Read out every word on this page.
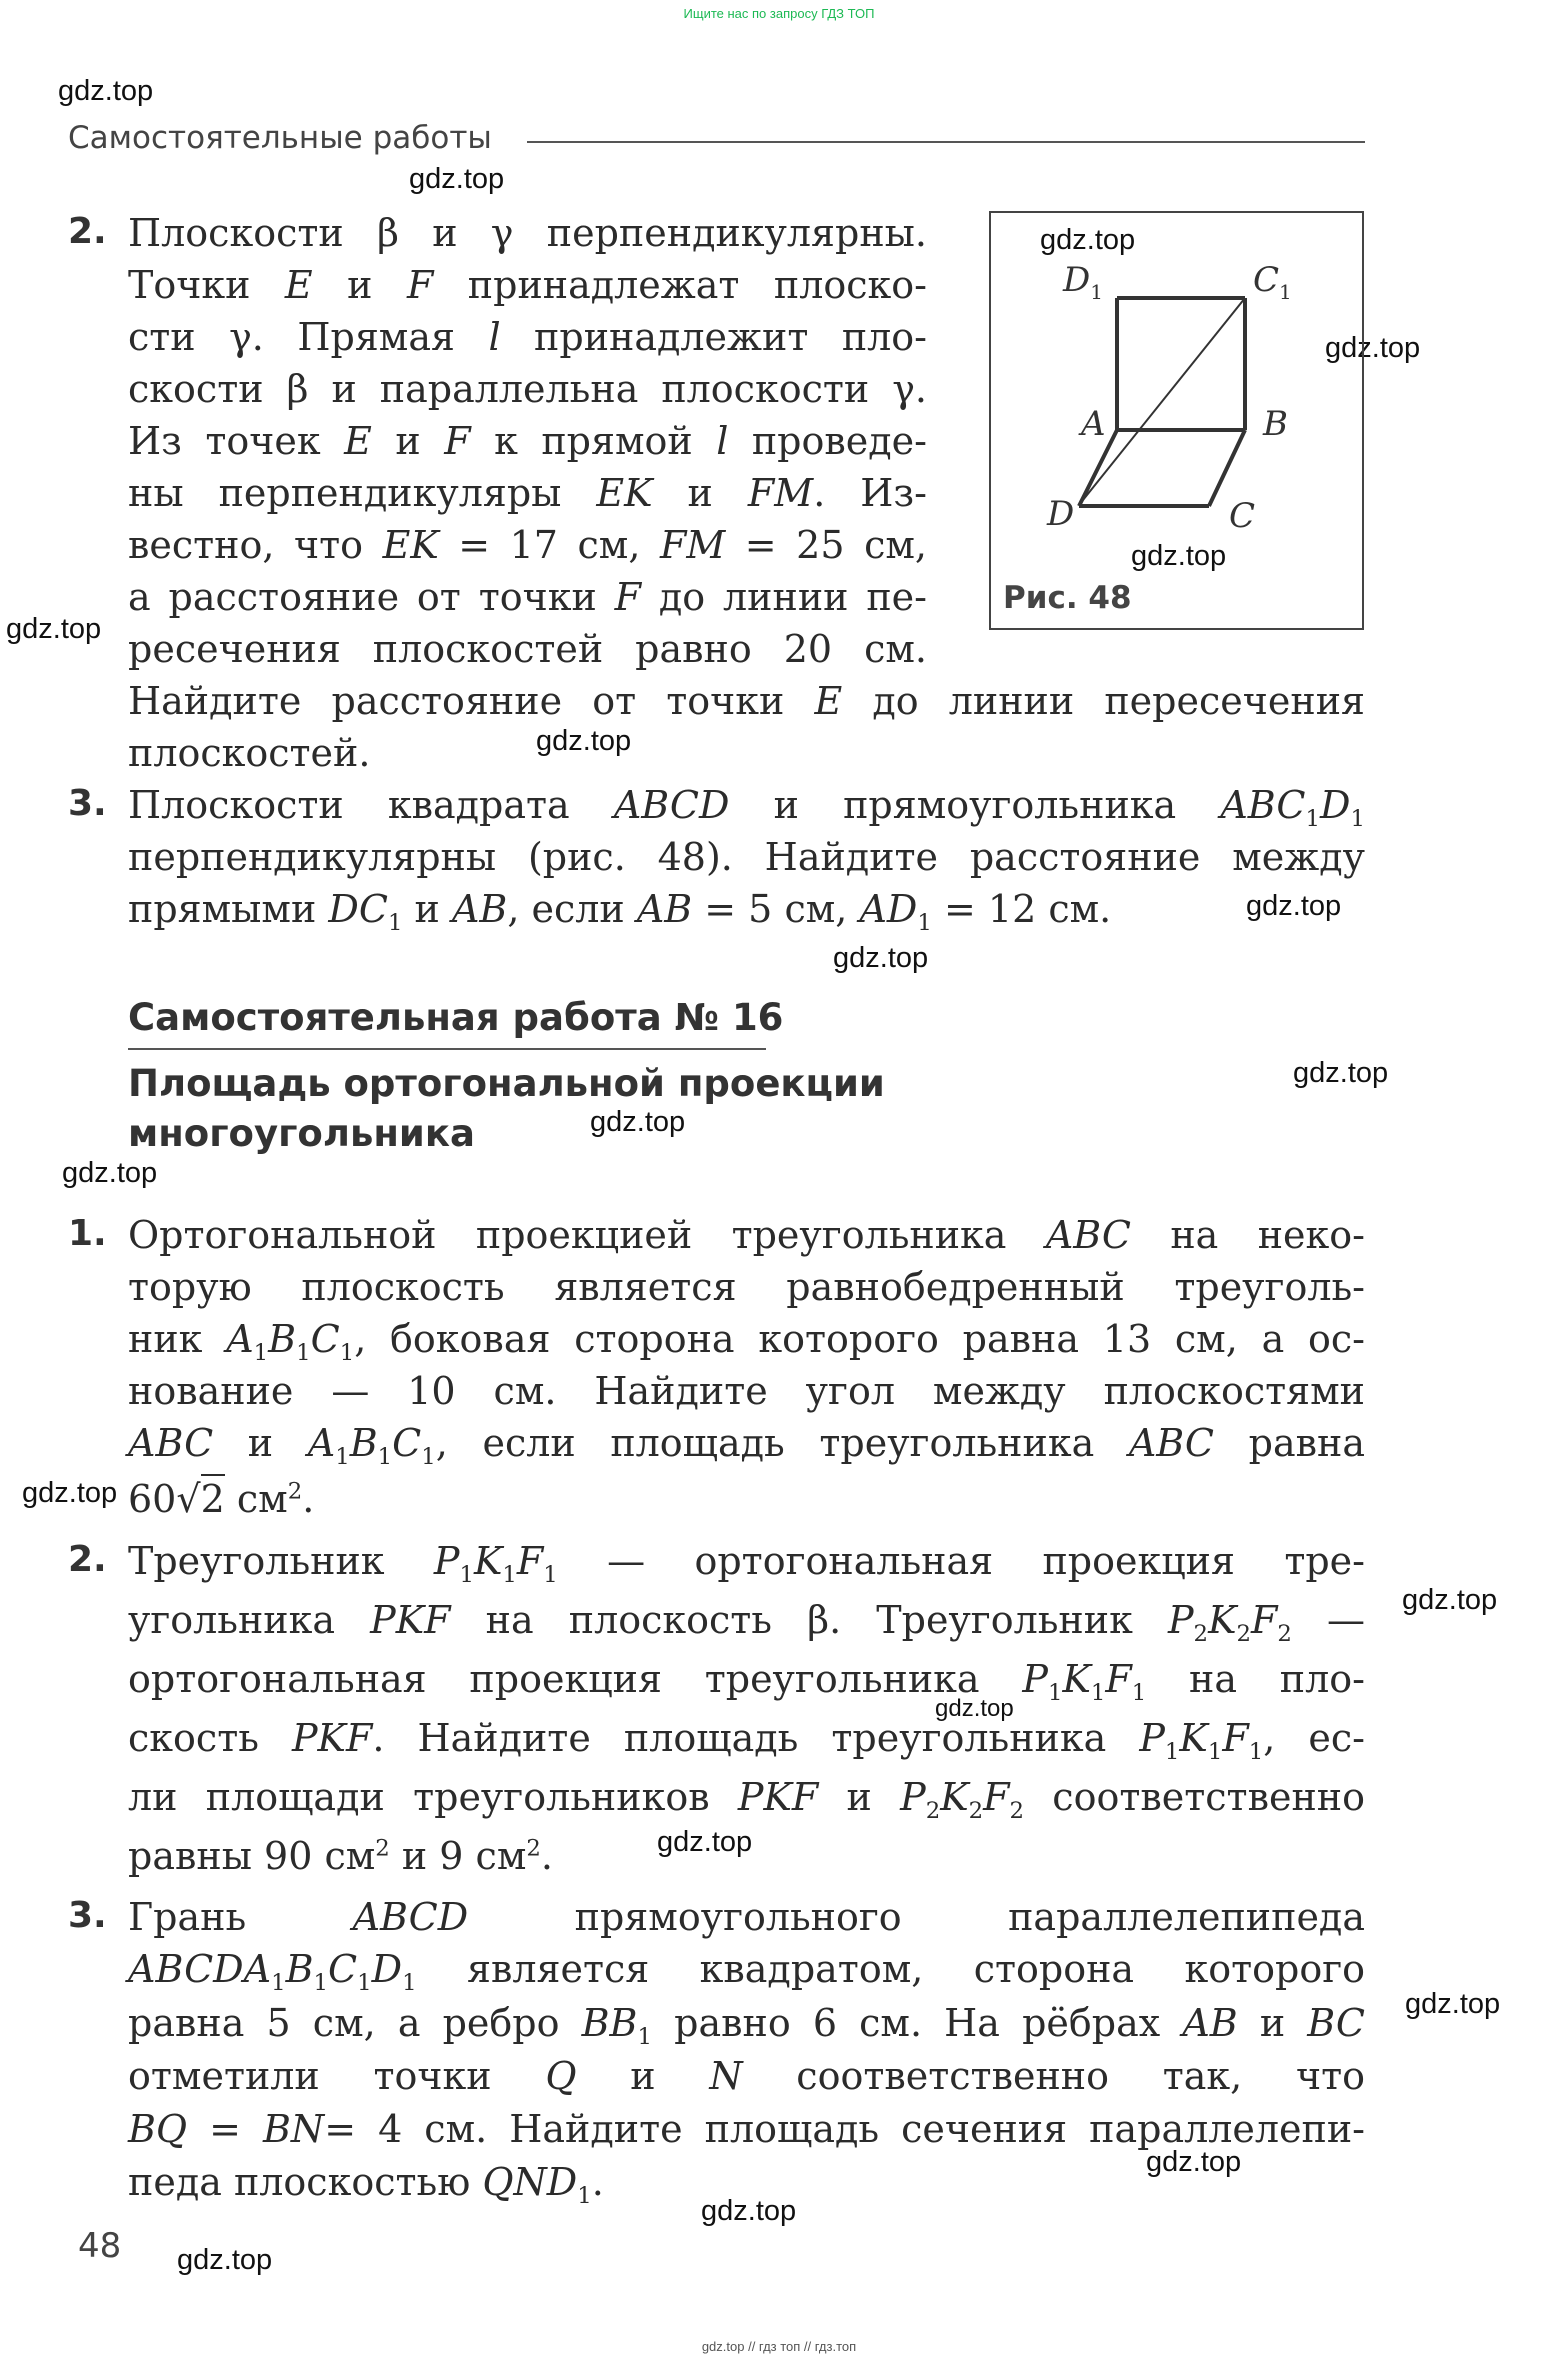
Ищите нас по запросу ГДЗ ТОП
gdz.top
gdz.top
gdz.top
gdz.top
gdz.top
gdz.top
gdz.top
gdz.top
gdz.top
gdz.top
gdz.top
gdz.top
gdz.top
gdz.top
gdz.top
gdz.top
gdz.top
gdz.top
gdz.top
gdz.top
Самостоятельные работы
2. Плоскости β и γ перпендикулярны.
Точки E и F принадлежат плоско-
сти γ. Прямая l принадлежит пло-
скости β и параллельна плоскости γ.
Из точек E и F к прямой l проведе-
ны перпендикуляры EK и FM. Из-
вестно, что EK = 17 см, FM = 25 см,
а расстояние от точки F до линии пе-
ресечения плоскостей равно 20 см.
Найдите расстояние от точки E до линии пересечения
плоскостей.
$D_1$	$C_1$
A	B
D	C
Рис. 48
3. Плоскости квадрата ABCD и прямоугольника $ABC_1D_1$
перпендикулярны (рис. 48). Найдите расстояние между
прямыми $DC_1$ и AB, если AB = 5 см, $AD_1 = 12$ см.
Самостоятельная работа № 16
Площадь ортогональной проекции
многоугольника
1. Ортогональной проекцией треугольника ABC на неко-
торую плоскость является равнобедренный треуголь-
ник $A_1B_1C_1$, боковая сторона которого равна 13 см, а ос-
нование — 10 см. Найдите угол между плоскостями
ABC и $A_1B_1C_1$, если площадь треугольника ABC равна
60√2 $см^2$.
2. Треугольник $P_1K_1F_1$ — ортогональная проекция тре-
угольника PKF на плоскость β. Треугольник $P_2K_2F_2$ —
ортогональная проекция треугольника $P_1K_1F_1$ на пло-
скость PKF. Найдите площадь треугольника $P_1K_1F_1$, ес-
ли площади треугольников PKF и $P_2K_2F_2$ соответственно
равны 90 $см^2$ и 9 $см^2$.
3. Грань ABCD прямоугольного параллелепипеда
$ABCDA_1B_1C_1D_1$ является квадратом, сторона которого
равна 5 см, а ребро $BB_1$ равно 6 см. На рёбрах AB и BC
отметили точки Q и N соответственно так, что
BQ = BN= 4 см. Найдите площадь сечения параллелепи-
педа плоскостью $QND_1$.
48
gdz.top // гдз топ // гдз.топ
